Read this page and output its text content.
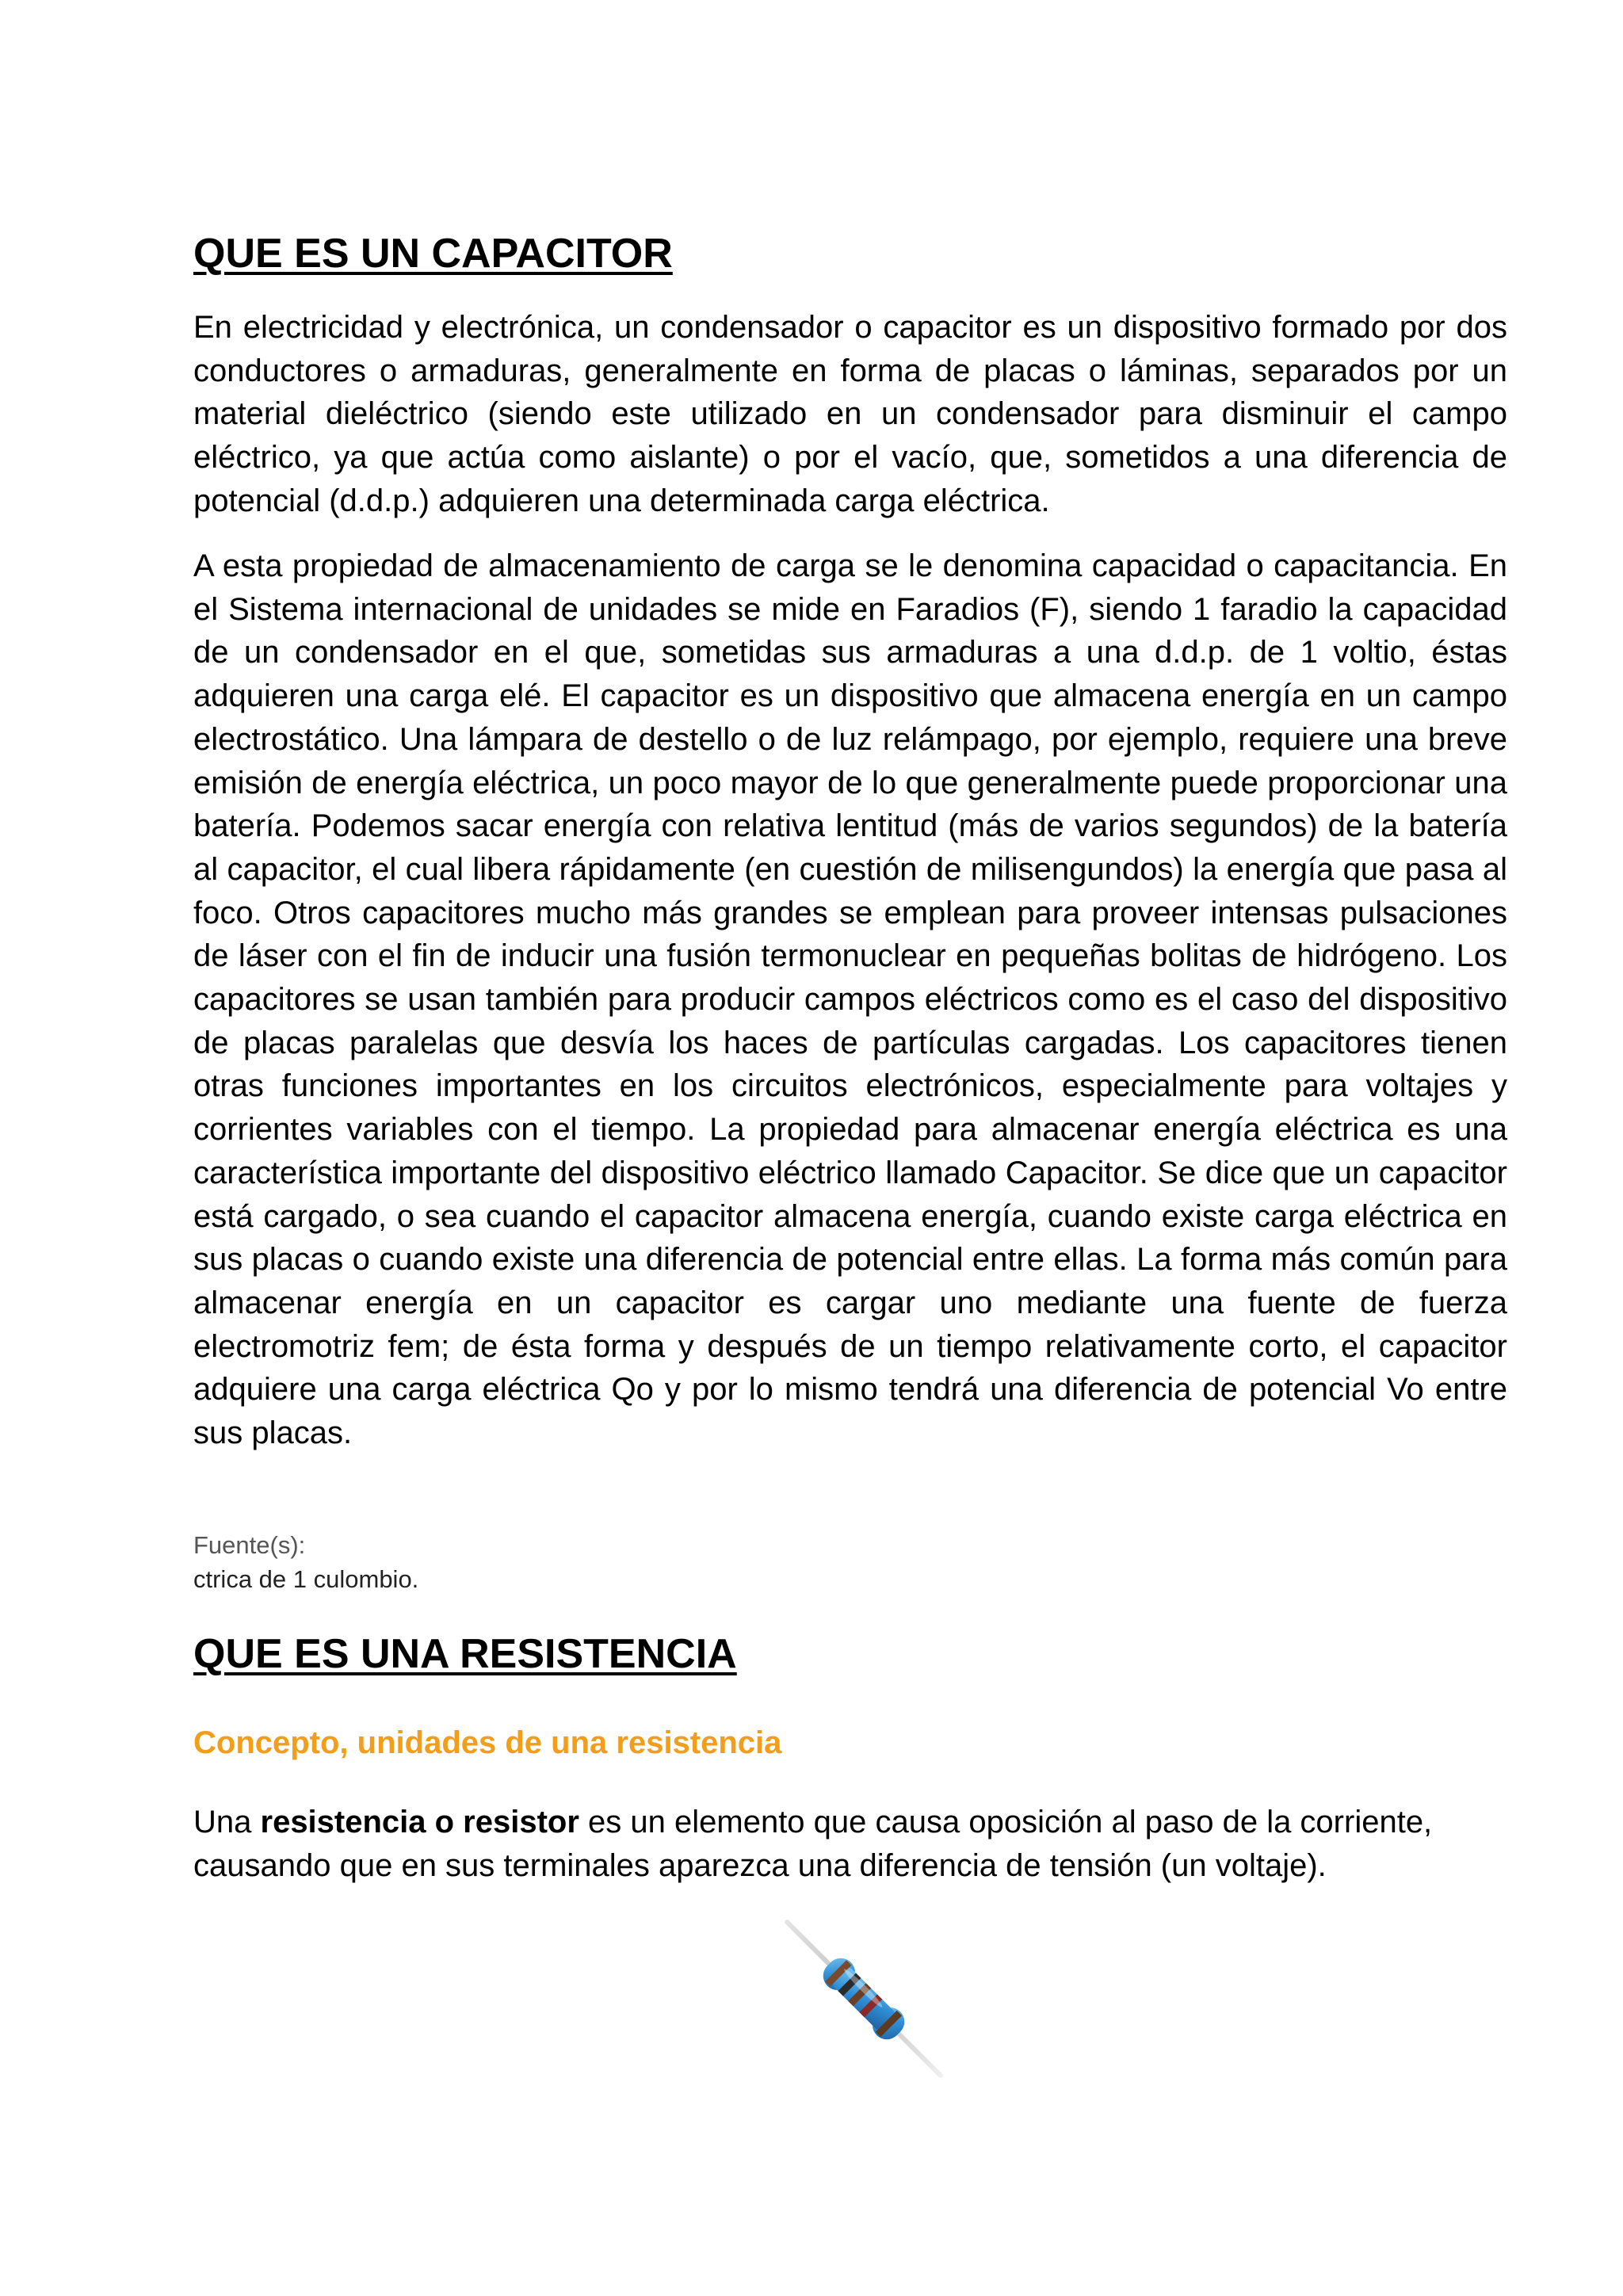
QUE ES UN CAPACITOR

En electricidad y electrónica, un condensador o capacitor es un dispositivo formado por dos conductores o armaduras, generalmente en forma de placas o láminas, separados por un material dieléctrico (siendo este utilizado en un condensador para disminuir el campo eléctrico, ya que actúa como aislante) o por el vacío, que, sometidos a una diferencia de potencial (d.d.p.) adquieren una determinada carga eléctrica.

A esta propiedad de almacenamiento de carga se le denomina capacidad o capacitancia. En el Sistema internacional de unidades se mide en Faradios (F), siendo 1 faradio la capacidad de un condensador en el que, sometidas sus armaduras a una d.d.p. de 1 voltio, éstas adquieren una carga elé. El capacitor es un dispositivo que almacena energía en un campo electrostático. Una lámpara de destello o de luz relámpago, por ejemplo, requiere una breve emisión de energía eléctrica, un poco mayor de lo que generalmente puede proporcionar una batería. Podemos sacar energía con relativa lentitud (más de varios segundos) de la batería al capacitor, el cual libera rápidamente (en cuestión de milisengundos) la energía que pasa al foco. Otros capacitores mucho más grandes se emplean para proveer intensas pulsaciones de láser con el fin de inducir una fusión termonuclear en pequeñas bolitas de hidrógeno. Los capacitores se usan también para producir campos eléctricos como es el caso del dispositivo de placas paralelas que desvía los haces de partículas cargadas. Los capacitores tienen otras funciones importantes en los circuitos electrónicos, especialmente para voltajes y corrientes variables con el tiempo. La propiedad para almacenar energía eléctrica es una característica importante del dispositivo eléctrico llamado Capacitor. Se dice que un capacitor está cargado, o sea cuando el capacitor almacena energía, cuando existe carga eléctrica en sus placas o cuando existe una diferencia de potencial entre ellas. La forma más común para almacenar energía en un capacitor es cargar uno mediante una fuente de fuerza electromotriz fem; de ésta forma y después de un tiempo relativamente corto, el capacitor adquiere una carga eléctrica Qo y por lo mismo tendrá una diferencia de potencial Vo entre sus placas.

Fuente(s):
ctrica de 1 culombio.
QUE ES UNA RESISTENCIA
Concepto, unidades de una resistencia

Una resistencia o resistor es un elemento que causa oposición al paso de la corriente,
causando que en sus terminales aparezca una diferencia de tensión (un voltaje).
